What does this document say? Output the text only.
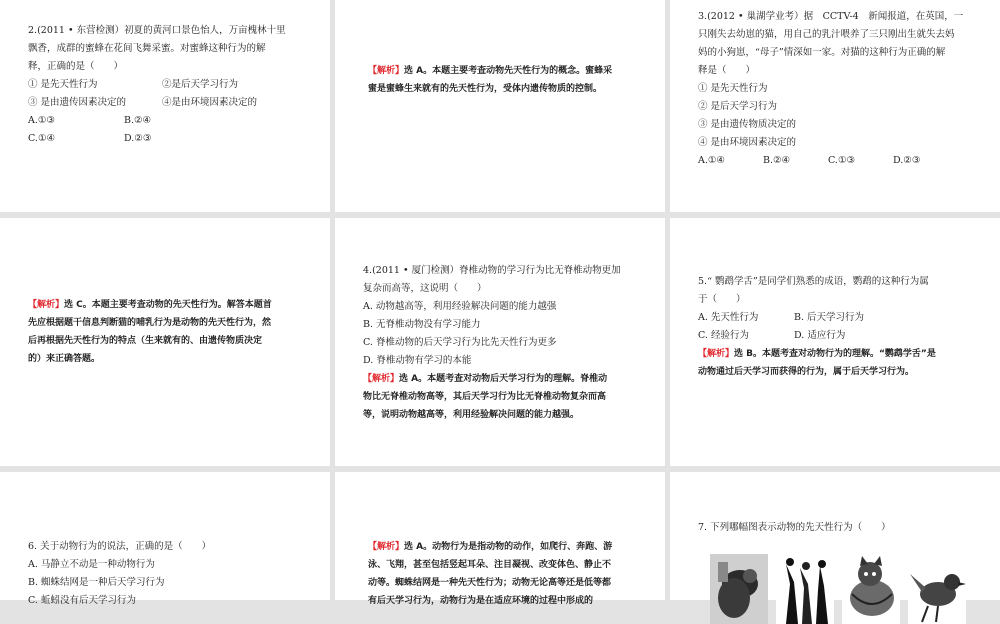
2.(2011 • 东营检测）初夏的黄河口景色怡人，万亩槐林十里
飘香，成群的蜜蜂在花间飞舞采蜜。对蜜蜂这种行为的解
释，正确的是（　　）
① 是先天性行为	②是后天学习行为
③ 是由遗传因素决定的	④是由环境因素决定的
A.①③	B.②④
C.①④	D.②③
【解析】选 A。本题主要考查动物先天性行为的概念。蜜蜂采
蜜是蜜蜂生来就有的先天性行为，受体内遗传物质的控制。
3.(2012 • 巢湖学业考）据　CCTV-4　新闻报道，在英国，一
只刚失去幼崽的猫，用自己的乳汁喂养了三只刚出生就失去妈
妈的小狗崽，“母子”情深如一家。对猫的这种行为正确的解
释是（　　）
① 是先天性行为
② 是后天学习行为
③ 是由遗传物质决定的
④ 是由环境因素决定的
A.①④	B.②④	C.①③	D.②③
【解析】选 C。本题主要考查动物的先天性行为。解答本题首
先应根据题干信息判断猫的哺乳行为是动物的先天性行为，然
后再根据先天性行为的特点（生来就有的、由遗传物质决定
的）来正确答题。
4.(2011 • 厦门检测）脊椎动物的学习行为比无脊椎动物更加
复杂而高等，这说明（　　）
A. 动物越高等，利用经验解决问题的能力越强
B. 无脊椎动物没有学习能力
C. 脊椎动物的后天学习行为比先天性行为更多
D. 脊椎动物有学习的本能
【解析】选 A。本题考查对动物后天学习行为的理解。脊椎动
物比无脊椎动物高等，其后天学习行为比无脊椎动物复杂而高
等，说明动物越高等，利用经验解决问题的能力越强。
5.“ 鹦鹉学舌”是同学们熟悉的成语，鹦鹉的这种行为属
于（　　）
A. 先天性行为	B. 后天学习行为
C. 经验行为	D. 适应行为
【解析】选 B。本题考查对动物行为的理解。“鹦鹉学舌”是
动物通过后天学习而获得的行为，属于后天学习行为。
6. 关于动物行为的说法，正确的是（　　）
A. 马静立不动是一种动物行为
B. 蜘蛛结网是一种后天学习行为
C. 蚯蚓没有后天学习行为
【解析】选 A。动物行为是指动物的动作，如爬行、奔跑、游
泳、飞翔，甚至包括竖起耳朵、注目凝视、改变体色、静止不
动等。蜘蛛结网是一种先天性行为；动物无论高等还是低等都
有后天学习行为，动物行为是在适应环境的过程中形成的
7. 下列哪幅图表示动物的先天性行为（　　）
